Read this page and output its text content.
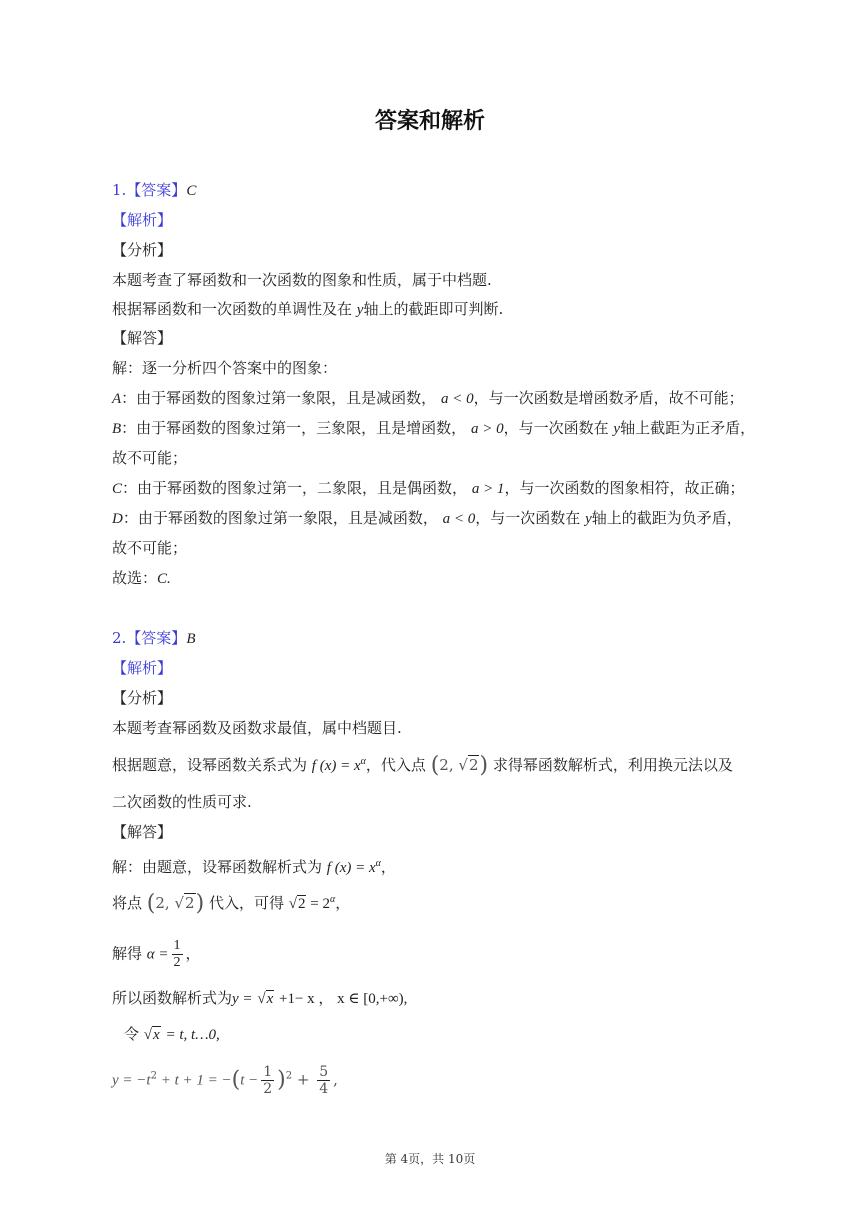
答案和解析
1.【答案】C
【解析】
【分析】
本题考查了幂函数和一次函数的图象和性质，属于中档题.
根据幂函数和一次函数的单调性及在 y轴上的截距即可判断.
【解答】
解：逐一分析四个答案中的图象：
A：由于幂函数的图象过第一象限，且是减函数， a < 0，与一次函数是增函数矛盾，故不可能；
B：由于幂函数的图象过第一，三象限，且是增函数， a > 0，与一次函数在 y轴上截距为正矛盾，
故不可能；
C：由于幂函数的图象过第一，二象限，且是偶函数， a > 1，与一次函数的图象相符，故正确；
D：由于幂函数的图象过第一象限，且是减函数， a < 0，与一次函数在 y轴上的截距为负矛盾，
故不可能；
故选：C.
2.【答案】B
【解析】
【分析】
本题考查幂函数及函数求最值，属中档题目.
根据题意，设幂函数关系式为 f $(x) = x^\alpha$，代入点 (2, √2) 求得幂函数解析式，利用换元法以及
二次函数的性质可求.
【解答】
解：由题意，设幂函数解析式为 f $(x) = x^\alpha$，
将点 (2, √2) 代入，可得 $√2 = 2^\alpha$，
解得 $\alpha = \frac{1}{2}$ ，
所以函数解析式为y = √x +1− x ， x ∈ [0,+∞),
令 √x = t, t…0,
$y = -t^2 + t + 1 = -(t - \frac{1}{2} )^2 + \frac{5}{4}$ ,
第 4页，共 10页
